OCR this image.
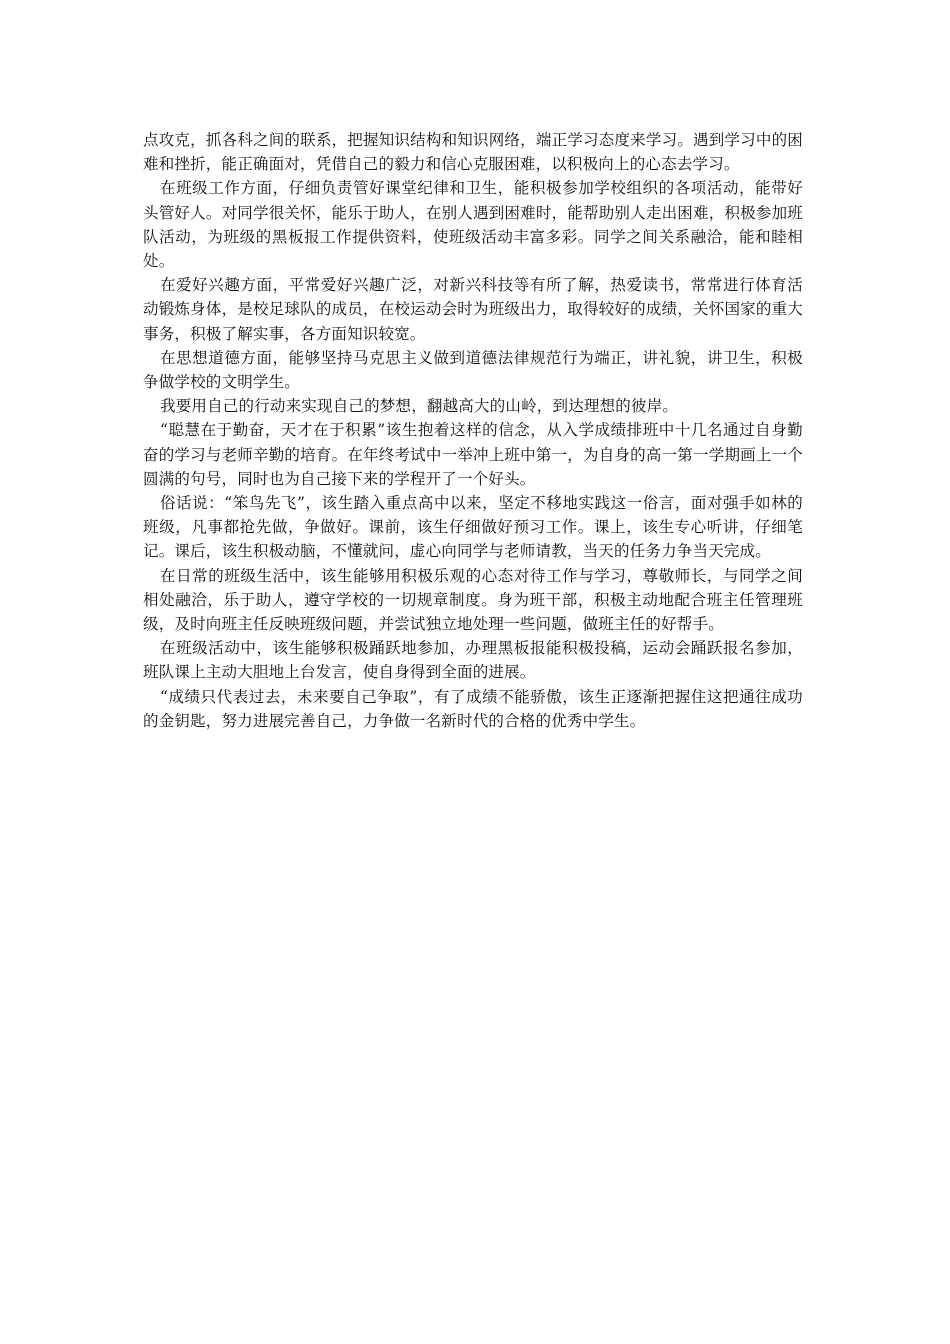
点攻克，抓各科之间的联系，把握知识结构和知识网络，端正学习态度来学习。遇到学习中的困难和挫折，能正确面对，凭借自己的毅力和信心克服困难，以积极向上的心态去学习。

在班级工作方面，仔细负责管好课堂纪律和卫生，能积极参加学校组织的各项活动，能带好头管好人。对同学很关怀，能乐于助人，在别人遇到困难时，能帮助别人走出困难，积极参加班队活动，为班级的黑板报工作提供资料，使班级活动丰富多彩。同学之间关系融洽，能和睦相处。

在爱好兴趣方面，平常爱好兴趣广泛，对新兴科技等有所了解，热爱读书，常常进行体育活动锻炼身体，是校足球队的成员，在校运动会时为班级出力，取得较好的成绩，关怀国家的重大事务，积极了解实事，各方面知识较宽。

在思想道德方面，能够坚持马克思主义做到道德法律规范行为端正，讲礼貌，讲卫生，积极争做学校的文明学生。

我要用自己的行动来实现自己的梦想，翻越高大的山岭，到达理想的彼岸。

“聪慧在于勤奋，天才在于积累”该生抱着这样的信念，从入学成绩排班中十几名通过自身勤奋的学习与老师辛勤的培育。在年终考试中一举冲上班中第一，为自身的高一第一学期画上一个圆满的句号，同时也为自己接下来的学程开了一个好头。

俗话说：“笨鸟先飞”，该生踏入重点高中以来，坚定不移地实践这一俗言，面对强手如林的班级，凡事都抢先做，争做好。课前，该生仔细做好预习工作。课上，该生专心听讲，仔细笔记。课后，该生积极动脑，不懂就问，虚心向同学与老师请教，当天的任务力争当天完成。

在日常的班级生活中，该生能够用积极乐观的心态对待工作与学习，尊敬师长，与同学之间相处融洽，乐于助人，遵守学校的一切规章制度。身为班干部，积极主动地配合班主任管理班级，及时向班主任反映班级问题，并尝试独立地处理一些问题，做班主任的好帮手。

在班级活动中，该生能够积极踊跃地参加，办理黑板报能积极投稿，运动会踊跃报名参加，班队课上主动大胆地上台发言，使自身得到全面的进展。

“成绩只代表过去，未来要自己争取”，有了成绩不能骄傲，该生正逐渐把握住这把通往成功的金钥匙，努力进展完善自己，力争做一名新时代的合格的优秀中学生。
